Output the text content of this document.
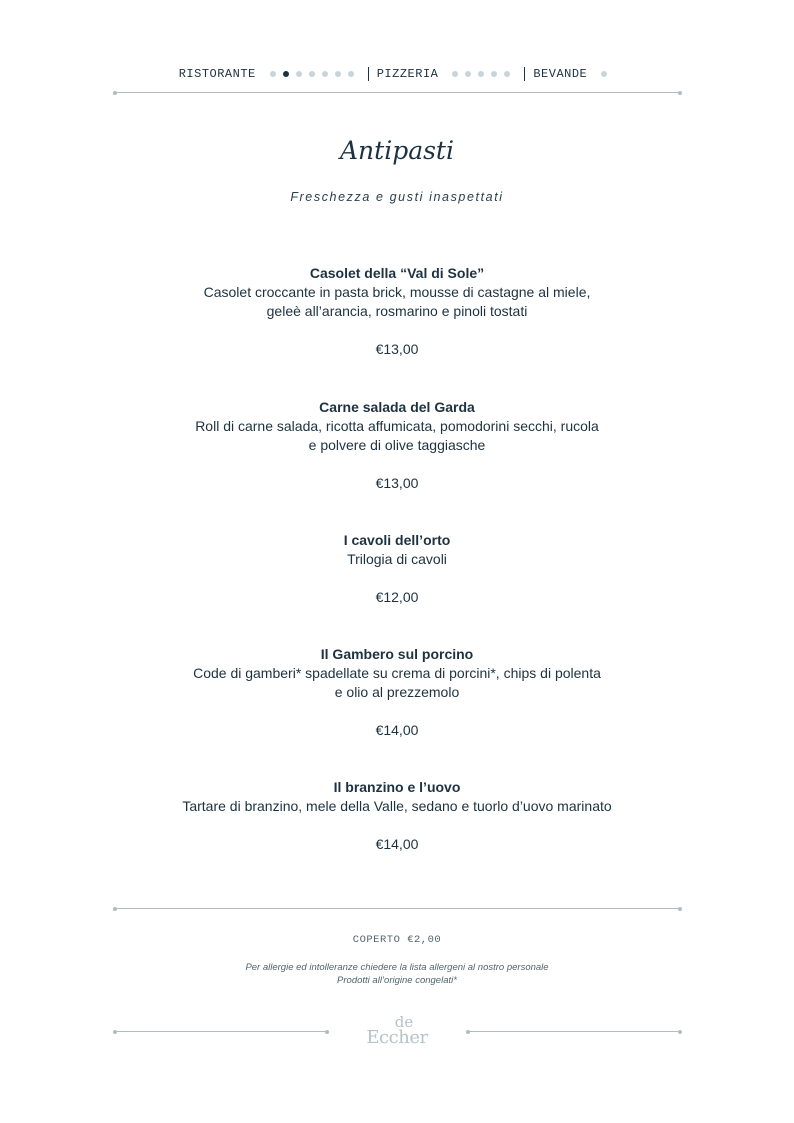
RISTORANTE	PIZZERIA	BEVANDE
Antipasti
Freschezza e gusti inaspettati
Casolet della “Val di Sole”
Casolet croccante in pasta brick, mousse di castagne al miele,
geleè all’arancia, rosmarino e pinoli tostati
€13,00
Carne salada del Garda
Roll di carne salada, ricotta affumicata, pomodorini secchi, rucola
e polvere di olive taggiasche
€13,00
I cavoli dell’orto
Trilogia di cavoli
€12,00
Il Gambero sul porcino
Code di gamberi* spadellate su crema di porcini*, chips di polenta
e olio al prezzemolo
€14,00
Il branzino e l’uovo
Tartare di branzino, mele della Valle, sedano e tuorlo d’uovo marinato
€14,00
COPERTO €2,00
Per allergie ed intolleranze chiedere la lista allergeni al nostro personale
Prodotti all’origine congelati*
de
Eccher
